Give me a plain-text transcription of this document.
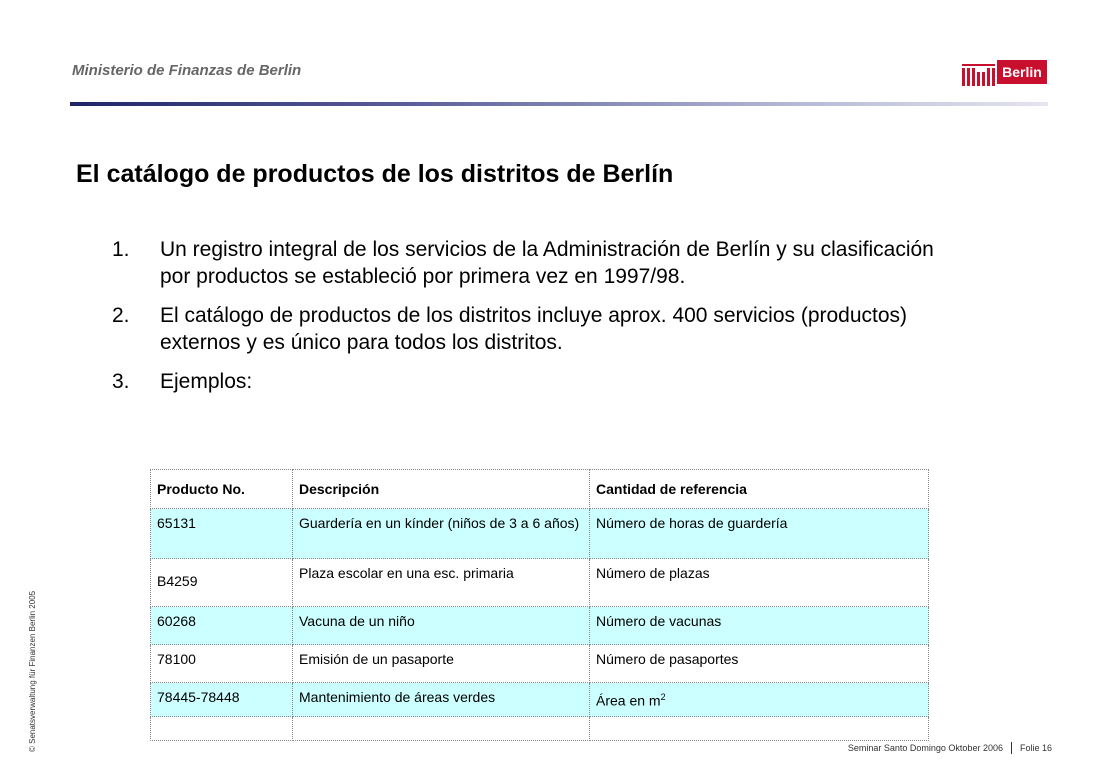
Ministerio de Finanzas de Berlin	Berlin
El catálogo de productos de los distritos de Berlín
1.	Un registro integral de los servicios de la Administración de Berlín y su clasificación por productos se estableció por primera vez en 1997/98.
2.	El catálogo de productos de los distritos incluye aprox. 400 servicios (productos) externos y es único para todos los distritos.
3.	Ejemplos:
Producto No.	Descripción	Cantidad de referencia
65131	Guardería en un kínder (niños de 3 a 6 años)	Número de horas de guardería
B4259	Plaza escolar en una esc. primaria	Número de plazas
60268	Vacuna de un niño	Número de vacunas
78100	Emisión de un pasaporte	Número de pasaportes
78445-78448	Mantenimiento de áreas verdes	Área en $m^2$

© Senatsverwaltung für Finanzen Berlin 2005	Seminar Santo Domingo Oktober 2006 Folie 16
